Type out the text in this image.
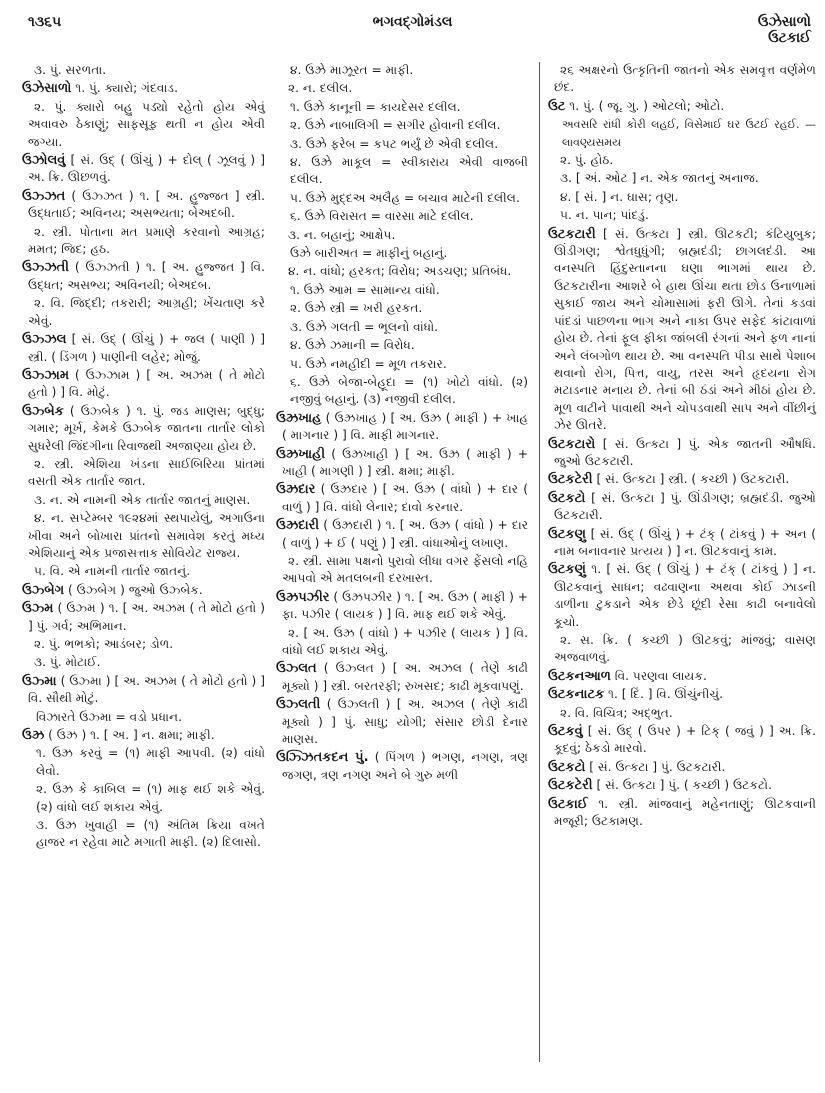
૧૩૬૫	ભગવદ્ગોમંડલ	ઉઝેસાળો
ઉટકાઈ
૩. પું. સરળતા.
ઉઝેસાળો ૧. પું. ક્યારો; ગંદવાડ.
૨. પું. ક્યારો બહુ પડ્યો રહેતો હોય એવું અવાવરુ ઠેકાણું; સાફસૂફ થતી ન હોય એવી જગ્યા.
ઉઝોલવું [ સં. ઉદ્ ( ઊંચું ) + દોલ્ ( ઝૂલવું ) ] અ. ક્રિ. ઊછળવું.
ઉઝ્ઝત ( ઉઝ્ઝત ) ૧. [ અ. હુજ્જત ] સ્ત્રી. ઉદ્ધતાઈ; અવિનય; અસભ્યતા; બેઅદબી.
૨. સ્ત્રી. પોતાના મત પ્રમાણે કરવાનો આગ્રહ; મમત; જિદ; હઠ.
ઉઝ્ઝતી ( ઉઝ્ઝતી ) ૧. [ અ. હુજ્જત ] વિ. ઉદ્ધત; અસભ્ય; અવિનયી; બેઅદબ.
૨. વિ. જિદ્દી; તકરારી; આગ્રહી; ખેંચતાણ કરે એવું.
ઉઝ્ઝલ [ સં. ઉદ્ ( ઊંચું ) + જલ ( પાણી ) ] સ્ત્રી. ( ડિંગળ ) પાણીની લહેર; મોજું.
ઉઝ્ઝામ ( ઉઝ્ઝામ ) [ અ. અઝમ ( તે મોટો હતો ) ] વિ. મોટું.
ઉઝ્બેક ( ઉઝ્બેક ) ૧. પું. જડ માણસ; બુદ્ધુ; ગમાર; મૂર્ખ, કેમકે ઉઝ્બેક જાતના તાર્તાર લોકો સુધરેલી જિંદગીના રિવાજથી અજાણ્યા હોય છે.
૨. સ્ત્રી. એશિયા ખંડના સાઈબિરિયા પ્રાંતમાં વસતી એક તાર્તાર જાત.
૩. ન. એ નામની એક તાર્તાર જાતનું માણસ.
૪. ન. સપ્ટેમ્બર ૧૯૨૪માં સ્થપાયેલું, અગાઉના ખીવા અને બોખારા પ્રાંતનો સમાવેશ કરતું મધ્ય એશિયાનું એક પ્રજાસત્તાક સોવિયેટ રાજ્ય.
૫. વિ. એ નામની તાર્તાર જાતનું.
ઉઝ્બેગ ( ઉઝ્બેગ ) જુઓ ઉઝ્બેક.
ઉઝ્મ ( ઉઝ્મ ) ૧. [ અ. અઝમ ( તે મોટો હતો ) ] પું. ગર્વ; અભિમાન.
૨. પું. ભભકો; આડંબર; ડોળ.
૩. પું. મોટાઈ.
ઉઝ્મા ( ઉઝ્મા ) [ અ. અઝમ ( તે મોટો હતો ) ] વિ. સૌથી મોટું.
વિઝારતે ઉઝ્મા = વડો પ્રધાન.
ઉઝ્ર ( ઉઝ્ર ) ૧. [ અ. ] ન. ક્ષમા; માફી.
૧. ઉઝ્ર કરવું = (૧) માફી આપવી. (૨) વાંધો લેવો.
૨. ઉઝ્ર કે કાબિલ = (૧) માફ થઈ શકે એવું. (૨) વાંધો લઈ શકાય એવું.
૩. ઉઝ્ર ખુવાહી = (૧) અંતિમ ક્રિયા વખતે હાજર ન રહેવા માટે મગાતી માફી. (૨) દિલાસો.
૪. ઉઝ્રે માઝૂરત = માફી.
૨. ન. દલીલ.
૧. ઉઝ્રે કાનૂની = કાયદેસર દલીલ.
૨. ઉઝ્રે નાબાલિગી = સગીર હોવાની દલીલ.
૩. ઉઝ્રે ફરેબ = કપટ ભર્યું છે એવી દલીલ.
૪. ઉઝ્રે માકૂલ = સ્વીકારાય એવી વાજબી દલીલ.
૫. ઉઝ્રે મુદ્દઅ અલૈહ = બચાવ માટેની દલીલ.
૬. ઉઝ્રે વિરાસત = વારસા માટે દલીલ.
૩. ન. બહાનું; આક્ષેપ.
ઉઝ્રે બારીઅત = માફીનું બહાનું.
૪. ન. વાંધો; હરકત; વિરોધ; અડચણ; પ્રતિબંધ.
૧. ઉઝ્રે આમ = સામાન્ય વાંધો.
૨. ઉઝ્રે સ્ત્રી = ખરી હરકત.
૩. ઉઝ્રે ગલતી = ભૂલનો વાંધો.
૪. ઉઝ્રે ઝમાની = વિરોધ.
૫. ઉઝ્રે નમહીદી = મૂળ તકરાર.
૬. ઉઝ્રે બેજા-બેહૂદા = (૧) ખોટો વાંધો. (૨) નજીવું બહાનું. (૩) નજીવી દલીલ.
ઉઝ્રખાહ ( ઉઝ્રખાહ ) [ અ. ઉઝ્ર ( માફી ) + ખાહ ( માગનાર ) ] વિ. માફી માગનાર.
ઉઝ્રખાહી ( ઉઝ્રખાહી ) [ અ. ઉઝ્ર ( માફી ) + ખાહી ( માગણી ) ] સ્ત્રી. ક્ષમા; માફી.
ઉઝ્રદાર ( ઉઝ્રદાર ) [ અ. ઉઝ્ર ( વાંધો ) + દાર ( વાળું ) ] વિ. વાંધો લેનાર; દાવો કરનાર.
ઉઝ્રદારી ( ઉઝ્રદારી ) ૧. [ અ. ઉઝ્ર ( વાંધો ) + દાર ( વાળું ) + ઈ ( પણું ) ] સ્ત્રી. વાંધાઓનું લખાણ.
૨. સ્ત્રી. સામા પક્ષનો પુરાવો લીધા વગર ફેંસલો નહિ આપવો એ મતલબની દરખાસ્ત.
ઉઝ્રપઝીર ( ઉઝ્રપઝીર ) ૧. [ અ. ઉઝ્ર ( માફી ) + ફા. પઝીર ( લાયક ) ] વિ. માફ થઈ શકે એવું.
૨. [ અ. ઉઝ્ર ( વાંધો ) + પઝીર ( લાયક ) ] વિ. વાંધો લઈ શકાય એવું.
ઉઝ્લત ( ઉઝ્લત ) [ અ. અઝલ ( તેણે કાઢી મૂક્યો ) ] સ્ત્રી. બરતરફી; રુખસદ; કાઢી મૂકવાપણું.
ઉઝ્લતી ( ઉઝ્લતી ) [ અ. અઝલ ( તેણે કાઢી મૂક્યો ) ] પું. સાધુ; યોગી; સંસાર છોડી દેનાર માણસ.
ઉઝ્ઝિતકદન પું. ( પિંગળ ) ભગણ, નગણ, ત્રણ જગણ, ત્રણ નગણ અને બે ગુરુ મળી
૨૬ અક્ષરનો ઉત્કૃતિની જાતનો એક સમવૃત્ત વર્ણમેળ છંદ.
ઉટ ૧. પું. ( જૂ. ગુ. ) ઓટલો; ઓટો.
અવસરિ રાંધી કોરી લહઈ, વિસેમાઈ ઘર ઉટઈ રહઈ. — લાવણ્યસમય
૨. પું. હોઠ.
૩. [ અં. ઓટ ] ન. એક જાતનું અનાજ.
૪. [ સં. ] ન. ઘાસ; તૃણ.
૫. ન. પાન; પાંદડું.
ઉટકટારી [ સં. ઉત્કટા ] સ્ત્રી. ઊટકટી; કંટિયુબુક; ઊંડીગણ; શ્વેતધુધુંગી; બ્રહ્મદંડી; છાગલદંડી. આ વનસ્પતિ હિંદુસ્તાનના ઘણા ભાગમાં થાય છે. ઉટકટારીના આશરે બે હાથ ઊંચા થતા છોડ ઉનાળામાં સુકાઈ જાય અને ચોમાસામાં ફરી ઊગે. તેનાં કડવાં પાંદડાં પાછળના ભાગ અને નાકા ઉપર સફેદ કાંટાવાળાં હોય છે. તેનાં ફૂલ ફીકા જાંબલી રંગનાં અને ફળ નાનાં અને લંબગોળ થાય છે. આ વનસ્પતિ પીડા સાથે પેશાબ થવાનો રોગ, પિત્ત, વાયુ, તરસ અને હૃદયના રોગ મટાડનાર મનાય છે. તેનાં બી ઠંડાં અને મીઠાં હોય છે. મૂળ વાટીને પાવાથી અને ચોપડવાથી સાપ અને વીંછીનું ઝેર ઊતરે.
ઉટકટારો [ સં. ઉત્કટા ] પું. એક જાતની ઔષધિ. જુઓ ઉટકટારી.
ઉટકટેરી [ સં. ઉત્કટા ] સ્ત્રી. ( કચ્છી ) ઉટકટારી.
ઉટકટો [ સં. ઉત્કટા ] પું. ઊંડીગણ; બ્રહ્મદંડી. જુઓ ઉટકટારી.
ઉટકણુ [ સં. ઉદ્ ( ઊંચું ) + ટંક્ ( ટાંકવું ) + અન ( નામ બનાવનાર પ્રત્યય ) ] ન. ઊટકવાનું કામ.
ઉટકણું ૧. [ સં. ઉદ્ ( ઊંચું ) + ટંક્ ( ટાંકવું ) ] ન. ઊટકવાનું સાધન; વઢવાણના અથવા કોઈ ઝાડની ડાળીના ટુકડાને એક છેડે છૂંદી રેસા કાઢી બનાવેલો કૂચો.
૨. સ. ક્રિ. ( કચ્છી ) ઊટકવું; માંજવું; વાસણ અજવાળવું.
ઉટકનઆળ વિ. પરણવા લાયક.
ઉટકનાટક ૧. [ દિં. ] વિ. ઊંચુંનીચું.
૨. વિ. વિચિત્ર; અદ્ભુત.
ઉટકવું [ સં. ઉદ્ ( ઉપર ) + ટિક્ ( જવું ) ] અ. ક્રિ. કૂદવું; ઠેકડો મારવો.
ઉટકટો [ સં. ઉત્કટા ] પું. ઉટકટારી.
ઉટકટેરી [ સં. ઉત્કટા ] પું. ( કચ્છી ) ઉટકટો.
ઉટકાઈ ૧. સ્ત્રી. માંજવાનું મહેનતાણું; ઊટકવાની મજૂરી; ઉટકામણ.
